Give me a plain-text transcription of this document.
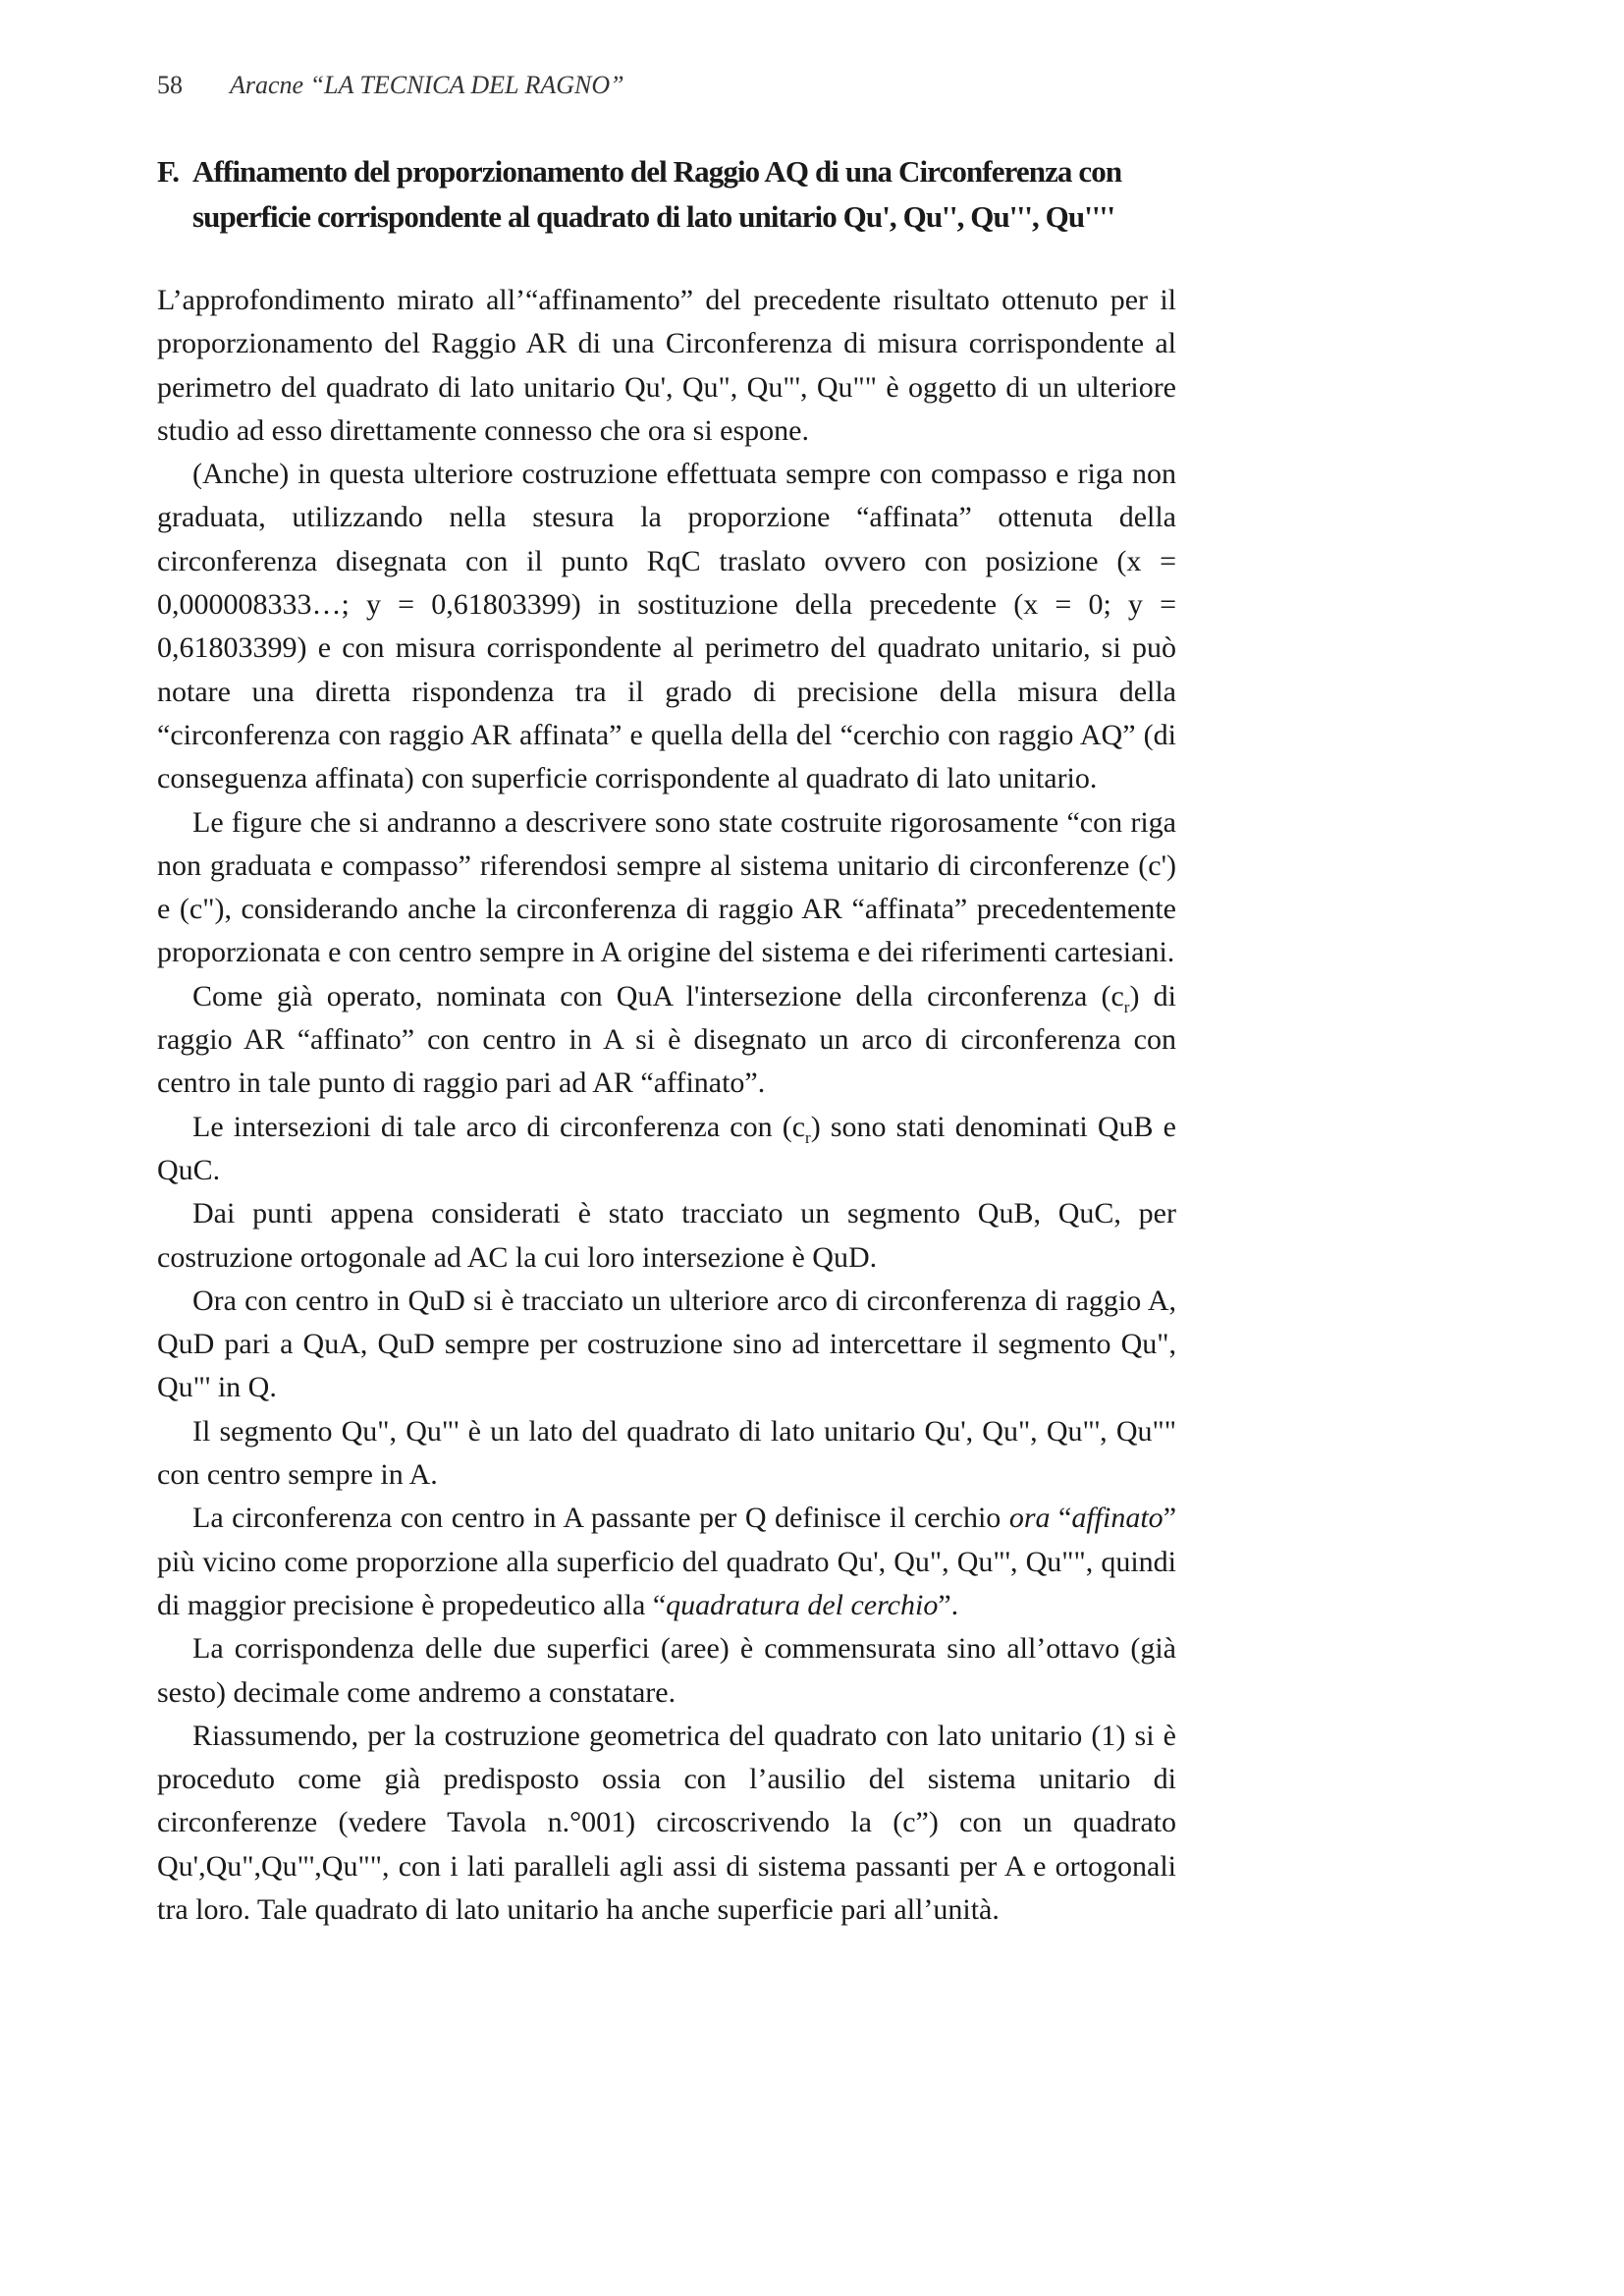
58 Aracne “LA TECNICA DEL RAGNO”
F. Affinamento del proporzionamento del Raggio AQ di una Circonferenza con
superficie corrispondente al quadrato di lato unitario Qu', Qu'', Qu''', Qu''''

L’approfondimento mirato all’“affinamento” del precedente risultato ottenuto per il proporzionamento del Raggio AR di una Circonferenza di misura corrispondente al perimetro del quadrato di lato unitario Qu', Qu", Qu"', Qu"" è oggetto di un ulteriore studio ad esso direttamente connesso che ora si espone.

(Anche) in questa ulteriore costruzione effettuata sempre con compasso e riga non graduata, utilizzando nella stesura la proporzione “affinata” ottenuta della circonferenza disegnata con il punto RqC traslato ovvero con posizione (x = 0,000008333…; y = 0,61803399) in sostituzione della precedente (x = 0; y = 0,61803399) e con misura corrispondente al perimetro del quadrato unitario, si può notare una diretta rispondenza tra il grado di precisione della misura della “circonferenza con raggio AR affinata” e quella della del “cerchio con raggio AQ” (di conseguenza affinata) con superficie corrispondente al quadrato di lato unitario.

Le figure che si andranno a descrivere sono state costruite rigorosamente “con riga non graduata e compasso” riferendosi sempre al sistema unitario di circonferenze (c') e (c"), considerando anche la circonferenza di raggio AR “affinata” precedentemente proporzionata e con centro sempre in A origine del sistema e dei riferimenti cartesiani.

Come già operato, nominata con QuA l'intersezione della circonferenza $(c_r)$ di raggio AR “affinato” con centro in A si è disegnato un arco di circonferenza con centro in tale punto di raggio pari ad AR “affinato”.

Le intersezioni di tale arco di circonferenza con $(c_r)$ sono stati denominati QuB e QuC.

Dai punti appena considerati è stato tracciato un segmento QuB, QuC, per costruzione ortogonale ad AC la cui loro intersezione è QuD.

Ora con centro in QuD si è tracciato un ulteriore arco di circonferenza di raggio A, QuD pari a QuA, QuD sempre per costruzione sino ad intercettare il segmento Qu", Qu"' in Q.

Il segmento Qu", Qu"' è un lato del quadrato di lato unitario Qu', Qu", Qu"', Qu"" con centro sempre in A.

La circonferenza con centro in A passante per Q definisce il cerchio ora “affinato” più vicino come proporzione alla superficio del quadrato Qu', Qu", Qu"', Qu"", quindi di maggior precisione è propedeutico alla “quadratura del cerchio”.

La corrispondenza delle due superfici (aree) è commensurata sino all’ottavo (già sesto) decimale come andremo a constatare.

Riassumendo, per la costruzione geometrica del quadrato con lato unitario (1) si è proceduto come già predisposto ossia con l’ausilio del sistema unitario di circonferenze (vedere Tavola n.°001) circoscrivendo la (c”) con un quadrato Qu',Qu",Qu"',Qu"", con i lati paralleli agli assi di sistema passanti per A e ortogonali tra loro. Tale quadrato di lato unitario ha anche superficie pari all’unità.
